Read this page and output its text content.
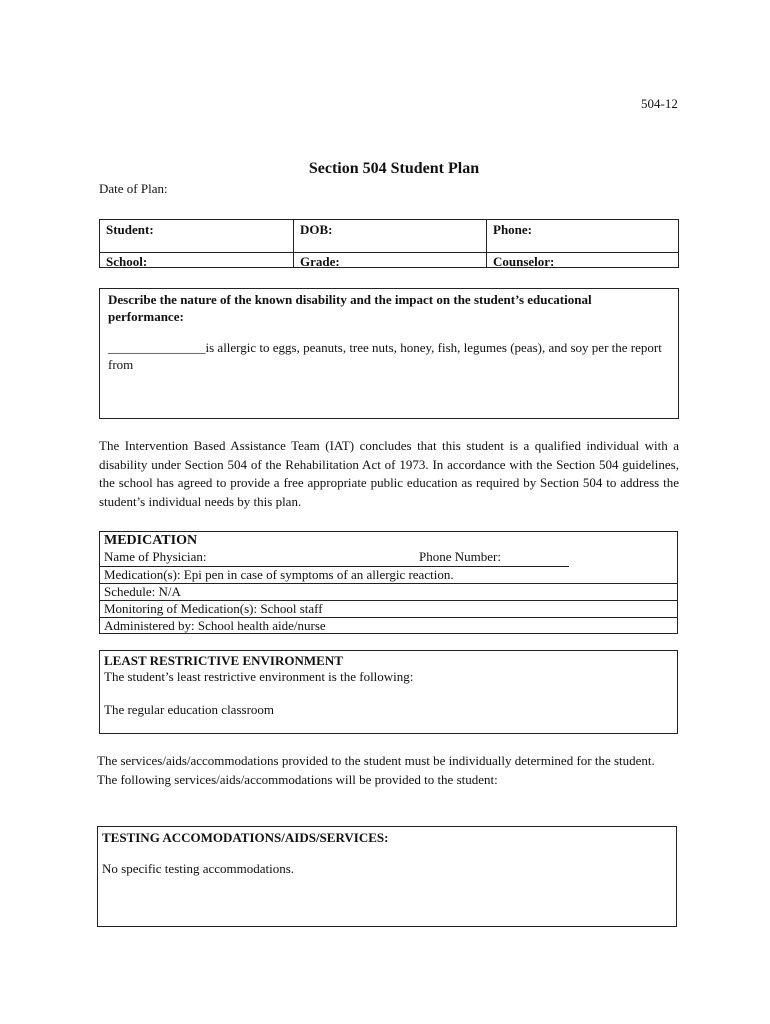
504-12
Section 504 Student Plan
Date of Plan:
Student:	DOB:	Phone:
School:	Grade:	Counselor:
Describe the nature of the known disability and the impact on the student’s educational performance:
_______________is allergic to eggs, peanuts, tree nuts, honey, fish, legumes (peas), and soy per the report from
The Intervention Based Assistance Team (IAT) concludes that this student is a qualified individual with a disability under Section 504 of the Rehabilitation Act of 1973. In accordance with the Section 504 guidelines, the school has agreed to provide a free appropriate public education as required by Section 504 to address the student’s individual needs by this plan.
MEDICATION
Name of Physician:	Phone Number:
Medication(s): Epi pen in case of symptoms of an allergic reaction.
Schedule: N/A
Monitoring of Medication(s): School staff
Administered by: School health aide/nurse
LEAST RESTRICTIVE ENVIRONMENT
The student’s least restrictive environment is the following:
The regular education classroom
The services/aids/accommodations provided to the student must be individually determined for the student.
The following services/aids/accommodations will be provided to the student:
TESTING ACCOMODATIONS/AIDS/SERVICES:
No specific testing accommodations.
